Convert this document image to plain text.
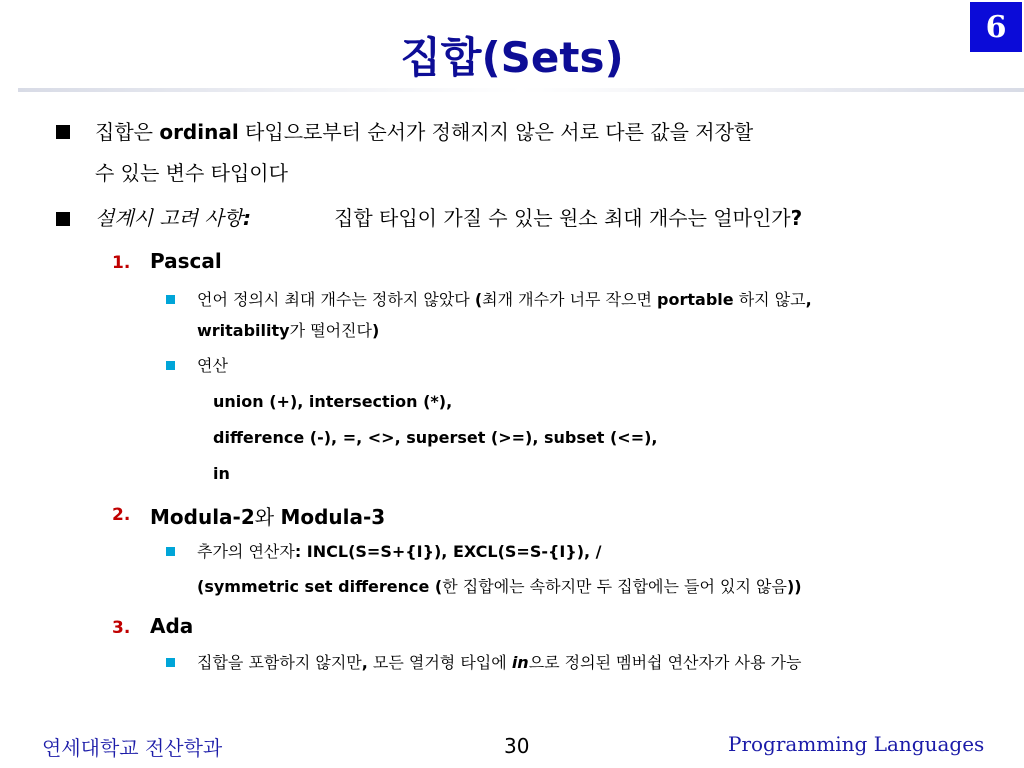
6
집합(Sets)
집합은 ordinal 타입으로부터 순서가 정해지지 않은 서로 다른 값을 저장할
수 있는 변수 타입이다
설계시 고려 사항:	집합 타입이 가질 수 있는 원소 최대 개수는 얼마인가?
1. Pascal
언어 정의시 최대 개수는 정하지 않았다 (최개 개수가 너무 작으면 portable 하지 않고,
writability가 떨어진다)
연산
union (+), intersection (*),
difference (-), =, <>, superset (>=), subset (<=),
in
2. Modula-2와 Modula-3
추가의 연산자: INCL(S=S+{I}), EXCL(S=S-{I}), /
(symmetric set difference (한 집합에는 속하지만 두 집합에는 들어 있지 않음))
3. Ada
집합을 포함하지 않지만, 모든 열거형 타입에 in으로 정의된 멤버쉽 연산자가 사용 가능
연세대학교 전산학과	30	Programming Languages
